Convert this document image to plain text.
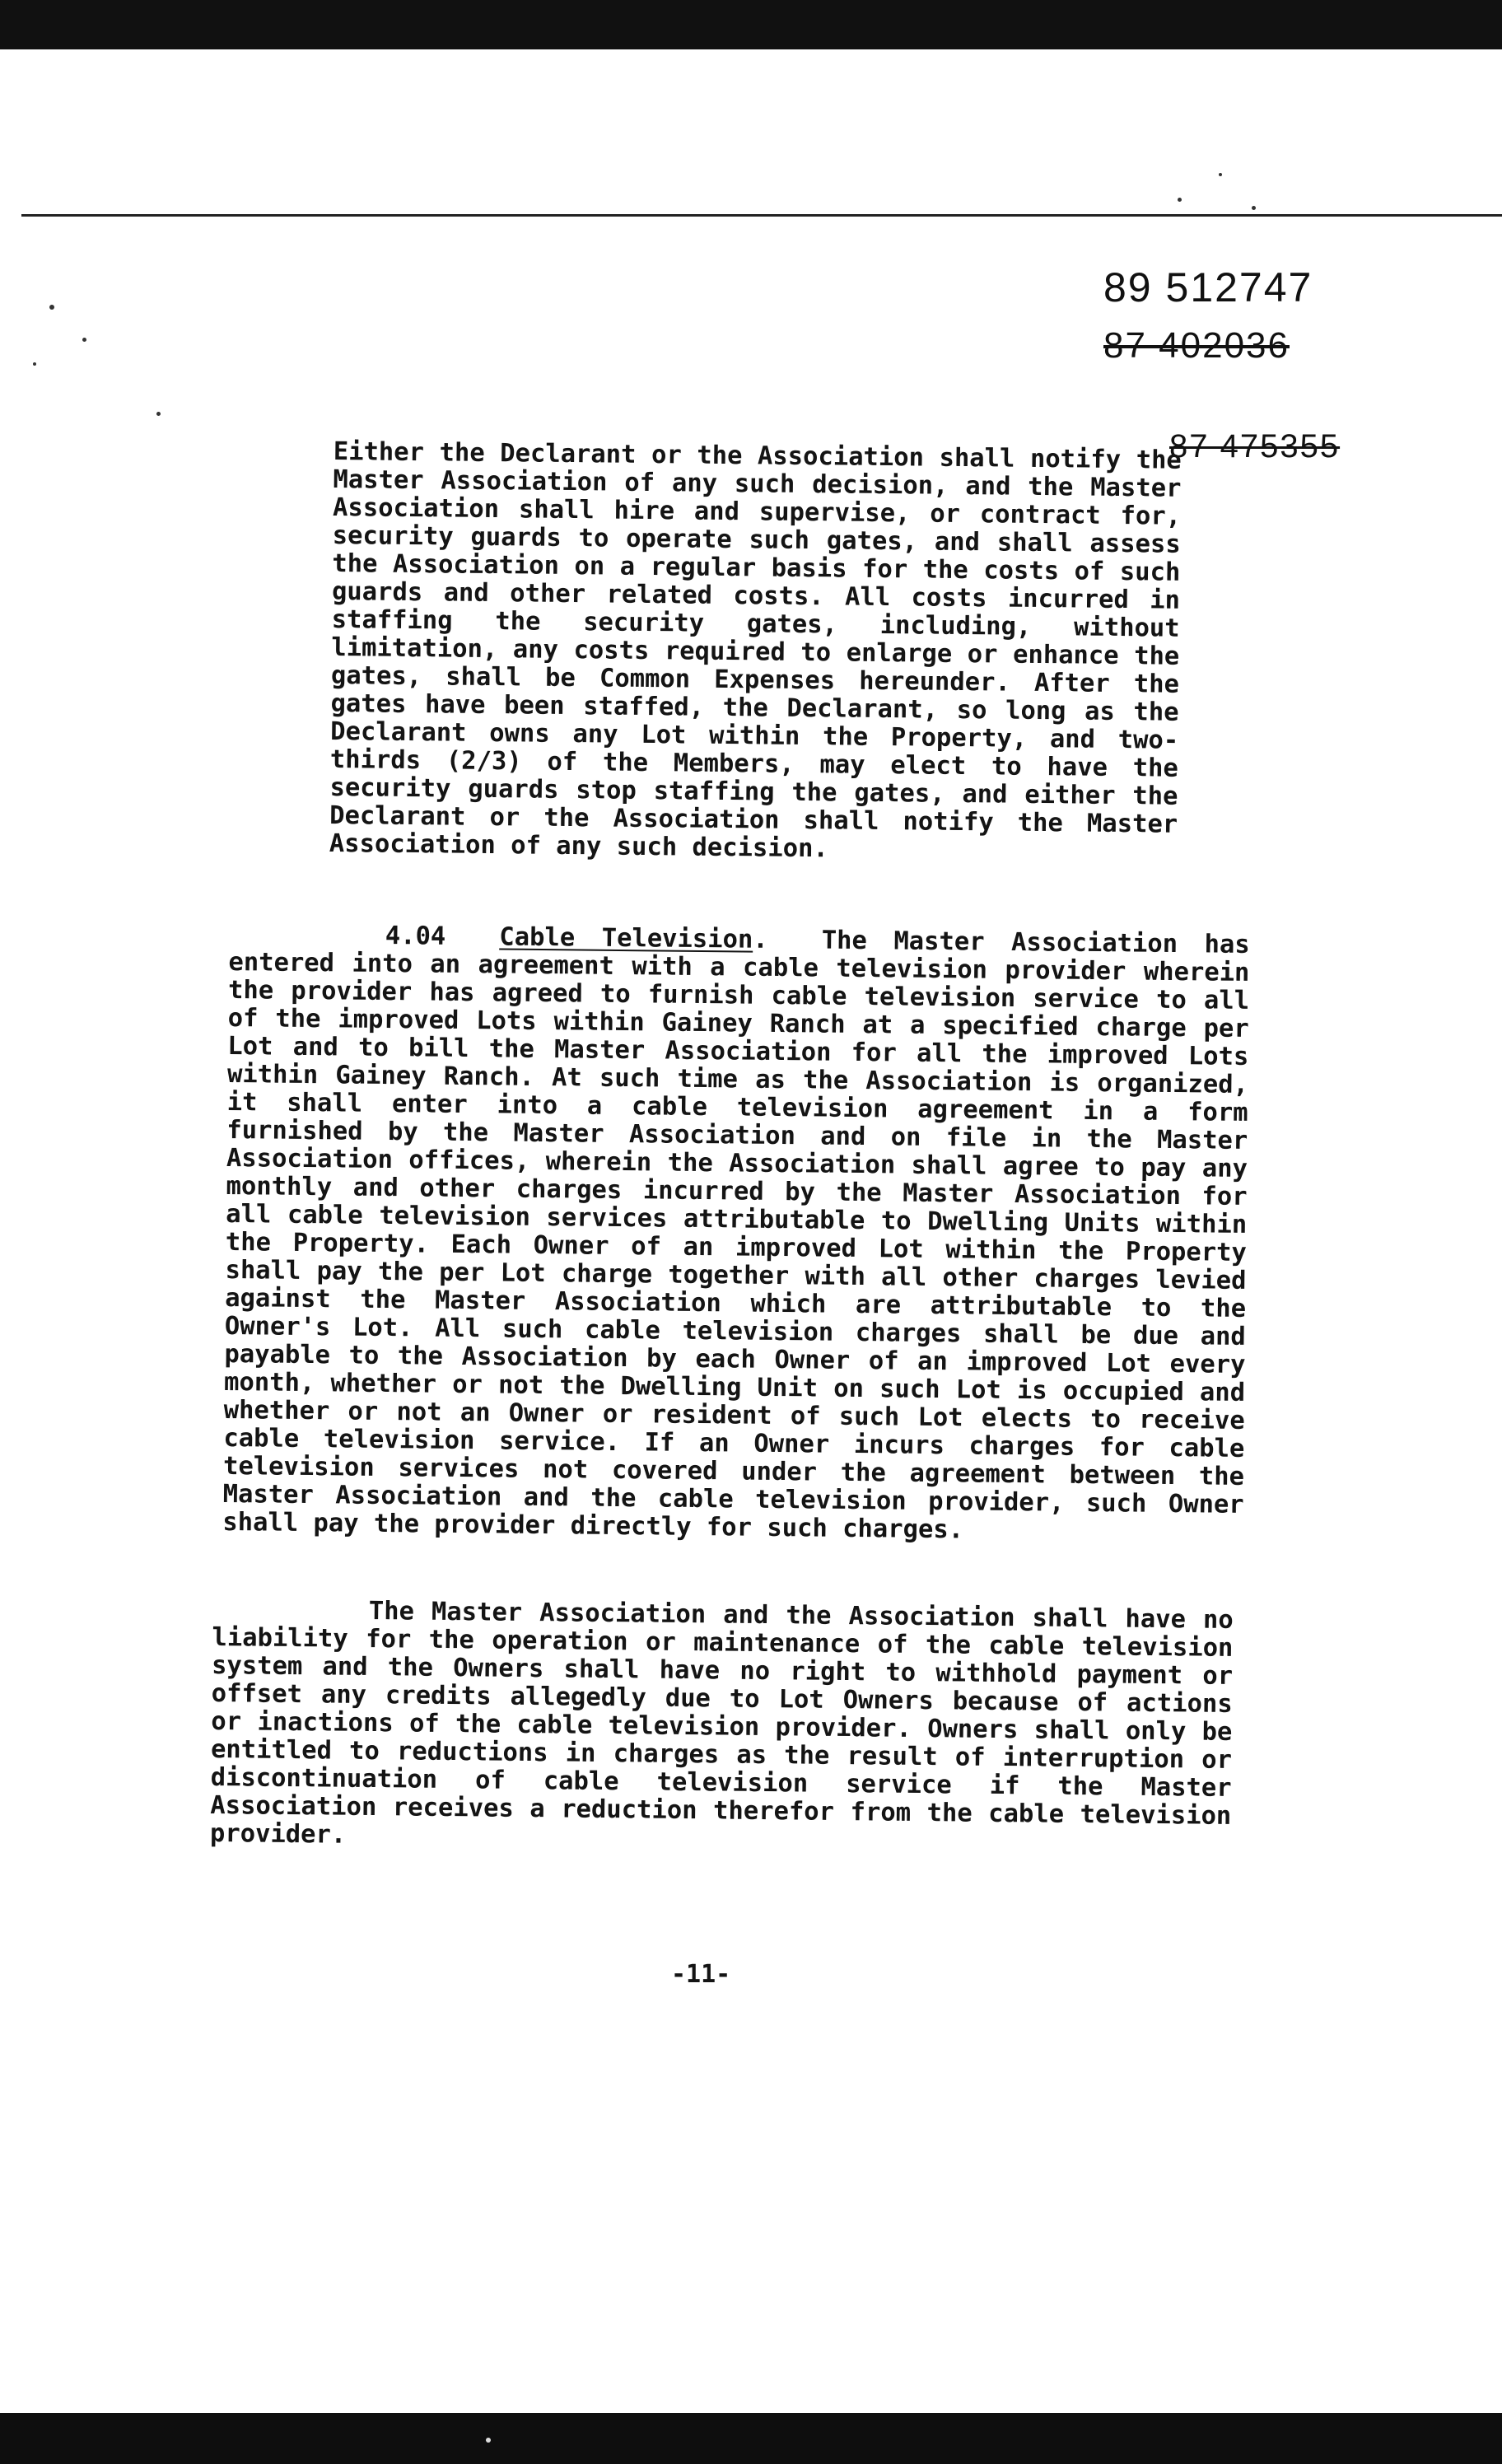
89 512747
87 402036
87 475355

Either the Declarant or the Association shall notify the Master Association of any such decision, and the Master Association shall hire and supervise, or contract for, security guards to operate such gates, and shall assess the Association on a regular basis for the costs of such guards and other related costs. All costs incurred in staffing the security gates, including, without limitation, any costs required to enlarge or enhance the gates, shall be Common Expenses hereunder. After the gates have been staffed, the Declarant, so long as the Declarant owns any Lot within the Property, and two-thirds (2/3) of the Members, may elect to have the security guards stop staffing the gates, and either the Declarant or the Association shall notify the Master Association of any such decision.

4.04 Cable Television.  The Master Association has entered into an agreement with a cable television provider wherein the provider has agreed to furnish cable television service to all of the improved Lots within Gainey Ranch at a specified charge per Lot and to bill the Master Association for all the improved Lots within Gainey Ranch. At such time as the Association is organized, it shall enter into a cable television agreement in a form furnished by the Master Association and on file in the Master Association offices, wherein the Association shall agree to pay any monthly and other charges incurred by the Master Association for all cable television services attributable to Dwelling Units within the Property. Each Owner of an improved Lot within the Property shall pay the per Lot charge together with all other charges levied against the Master Association which are attributable to the Owner's Lot. All such cable television charges shall be due and payable to the Association by each Owner of an improved Lot every month, whether or not the Dwelling Unit on such Lot is occupied and whether or not an Owner or resident of such Lot elects to receive cable television service. If an Owner incurs charges for cable television services not covered under the agreement between the Master Association and the cable television provider, such Owner shall pay the provider directly for such charges.

The Master Association and the Association shall have no liability for the operation or maintenance of the cable television system and the Owners shall have no right to withhold payment or offset any credits allegedly due to Lot Owners because of actions or inactions of the cable television provider. Owners shall only be entitled to reductions in charges as the result of interruption or discontinuation of cable television service if the Master Association receives a reduction therefor from the cable television provider.

-11-
